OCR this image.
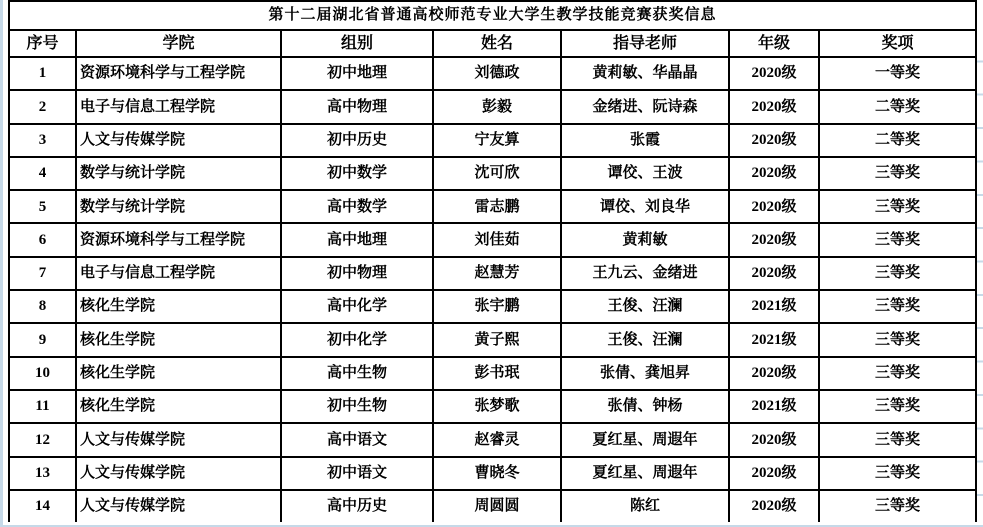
第十二届湖北省普通高校师范专业大学生教学技能竞赛获奖信息						
序号	学院	组别	姓名	指导老师	年级	奖项
1	资源环境科学与工程学院	初中地理	刘德政	黄莉敏、华晶晶	2020级	一等奖
2	电子与信息工程学院	高中物理	彭毅	金绪进、阮诗森	2020级	二等奖
3	人文与传媒学院	初中历史	宁友算	张霞	2020级	二等奖
4	数学与统计学院	初中数学	沈可欣	谭佼、王波	2020级	三等奖
5	数学与统计学院	高中数学	雷志鹏	谭佼、刘良华	2020级	三等奖
6	资源环境科学与工程学院	高中地理	刘佳茹	黄莉敏	2020级	三等奖
7	电子与信息工程学院	初中物理	赵慧芳	王九云、金绪进	2020级	三等奖
8	核化生学院	高中化学	张宇鹏	王俊、汪澜	2021级	三等奖
9	核化生学院	初中化学	黄子熙	王俊、汪澜	2021级	三等奖
10	核化生学院	高中生物	彭书珉	张倩、龚旭昇	2020级	三等奖
11	核化生学院	初中生物	张梦歌	张倩、钟杨	2021级	三等奖
12	人文与传媒学院	高中语文	赵睿灵	夏红星、周遐年	2020级	三等奖
13	人文与传媒学院	初中语文	曹晓冬	夏红星、周遐年	2020级	三等奖
14	人文与传媒学院	高中历史	周圆圆	陈红	2020级	三等奖
